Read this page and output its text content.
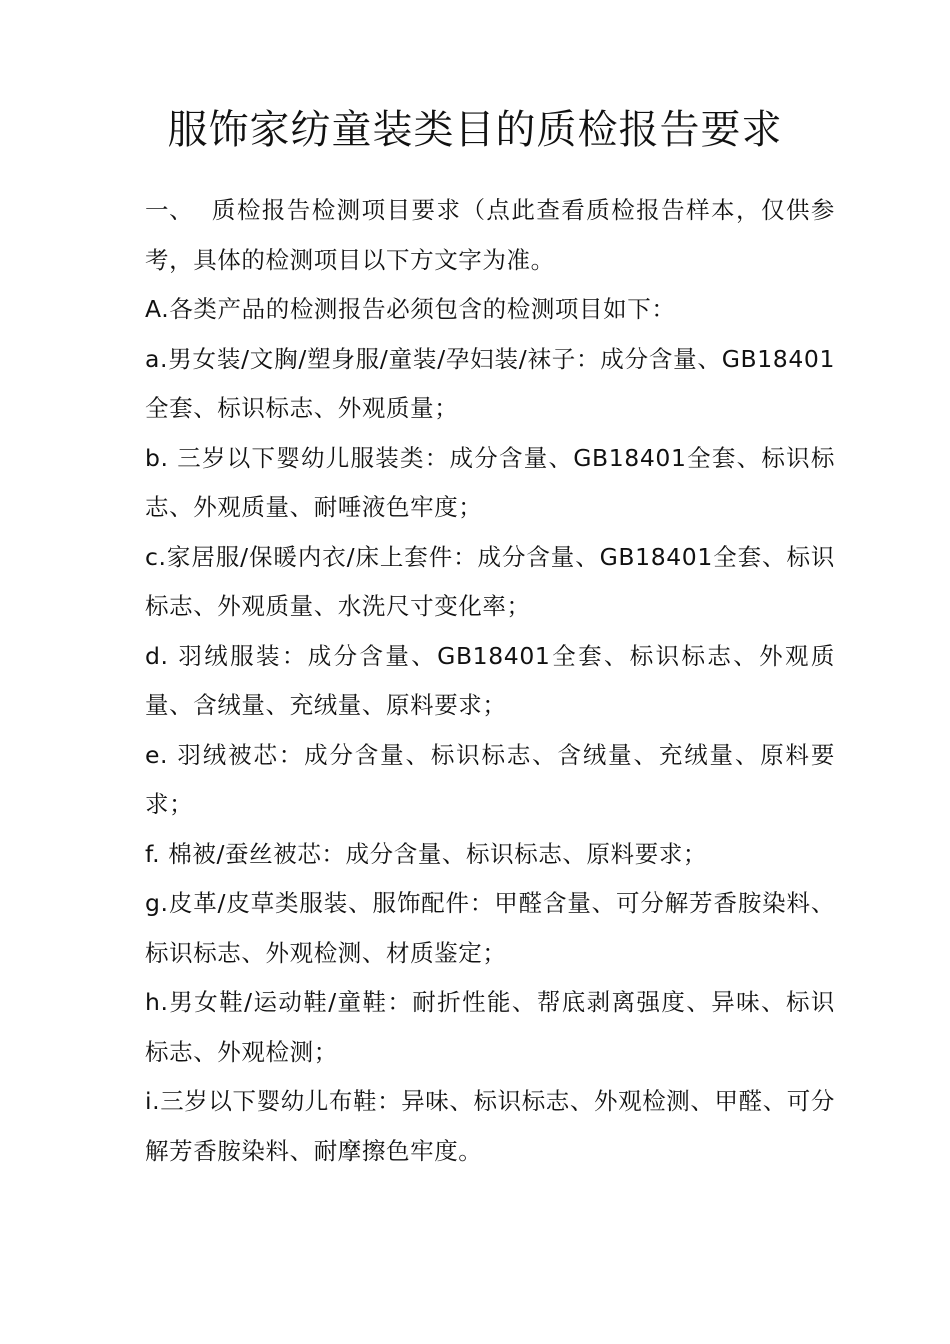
服饰家纺童装类目的质检报告要求

一、 质检报告检测项目要求（点此查看质检报告样本，仅供参考，具体的检测项目以下方文字为准。

A.各类产品的检测报告必须包含的检测项目如下：

a.男女装/文胸/塑身服/童装/孕妇装/袜子：成分含量、GB18401全套、标识标志、外观质量；

b. 三岁以下婴幼儿服装类：成分含量、GB18401全套、标识标志、外观质量、耐唾液色牢度；

c.家居服/保暖内衣/床上套件：成分含量、GB18401全套、标识标志、外观质量、水洗尺寸变化率；

d. 羽绒服装：成分含量、GB18401全套、标识标志、外观质量、含绒量、充绒量、原料要求；

e. 羽绒被芯：成分含量、标识标志、含绒量、充绒量、原料要求；

f. 棉被/蚕丝被芯：成分含量、标识标志、原料要求；

g.皮革/皮草类服装、服饰配件：甲醛含量、可分解芳香胺染料、标识标志、外观检测、材质鉴定；

h.男女鞋/运动鞋/童鞋：耐折性能、帮底剥离强度、异味、标识标志、外观检测；

i.三岁以下婴幼儿布鞋：异味、标识标志、外观检测、甲醛、可分解芳香胺染料、耐摩擦色牢度。
